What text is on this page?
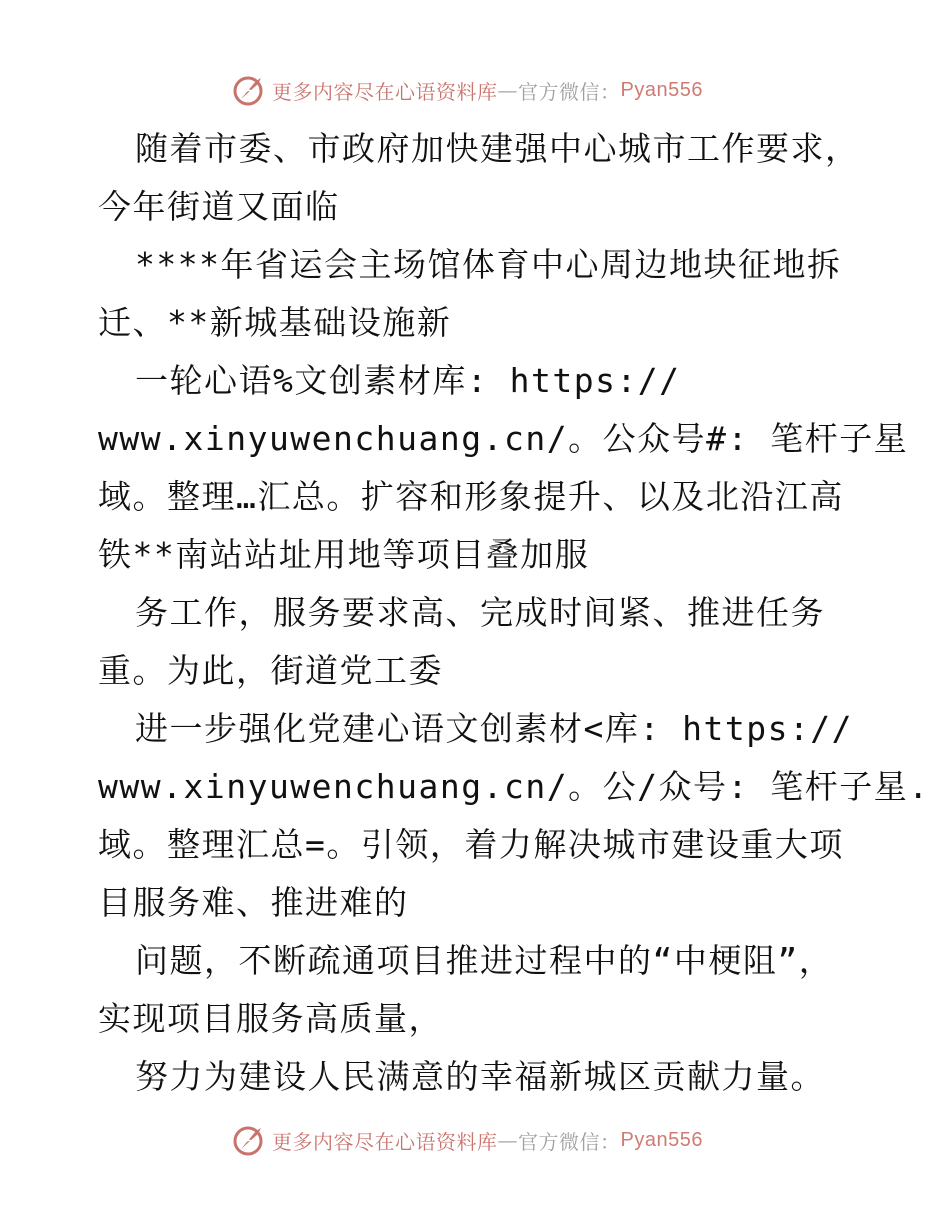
更多内容尽在心语资料库 — 官方微信： Pyan556
随着市委、市政府加快建强中心城市工作要求，
今年街道又面临
****年省运会主场馆体育中心周边地块征地拆
迁、**新城基础设施新
一轮心语%文创素材库: https://
www.xinyuwenchuang.cn/。公众号#: 笔杆子星
域。整理…汇总。扩容和形象提升、以及北沿江高
铁**南站站址用地等项目叠加服
务工作，服务要求高、完成时间紧、推进任务
重。为此，街道党工委
进一步强化党建心语文创素材<库: https://
www.xinyuwenchuang.cn/。公/众号: 笔杆子星.
域。整理汇总=。引领，着力解决城市建设重大项
目服务难、推进难的
问题，不断疏通项目推进过程中的“中梗阻”，
实现项目服务高质量，
努力为建设人民满意的幸福新城区贡献力量。
更多内容尽在心语资料库 — 官方微信： Pyan556
